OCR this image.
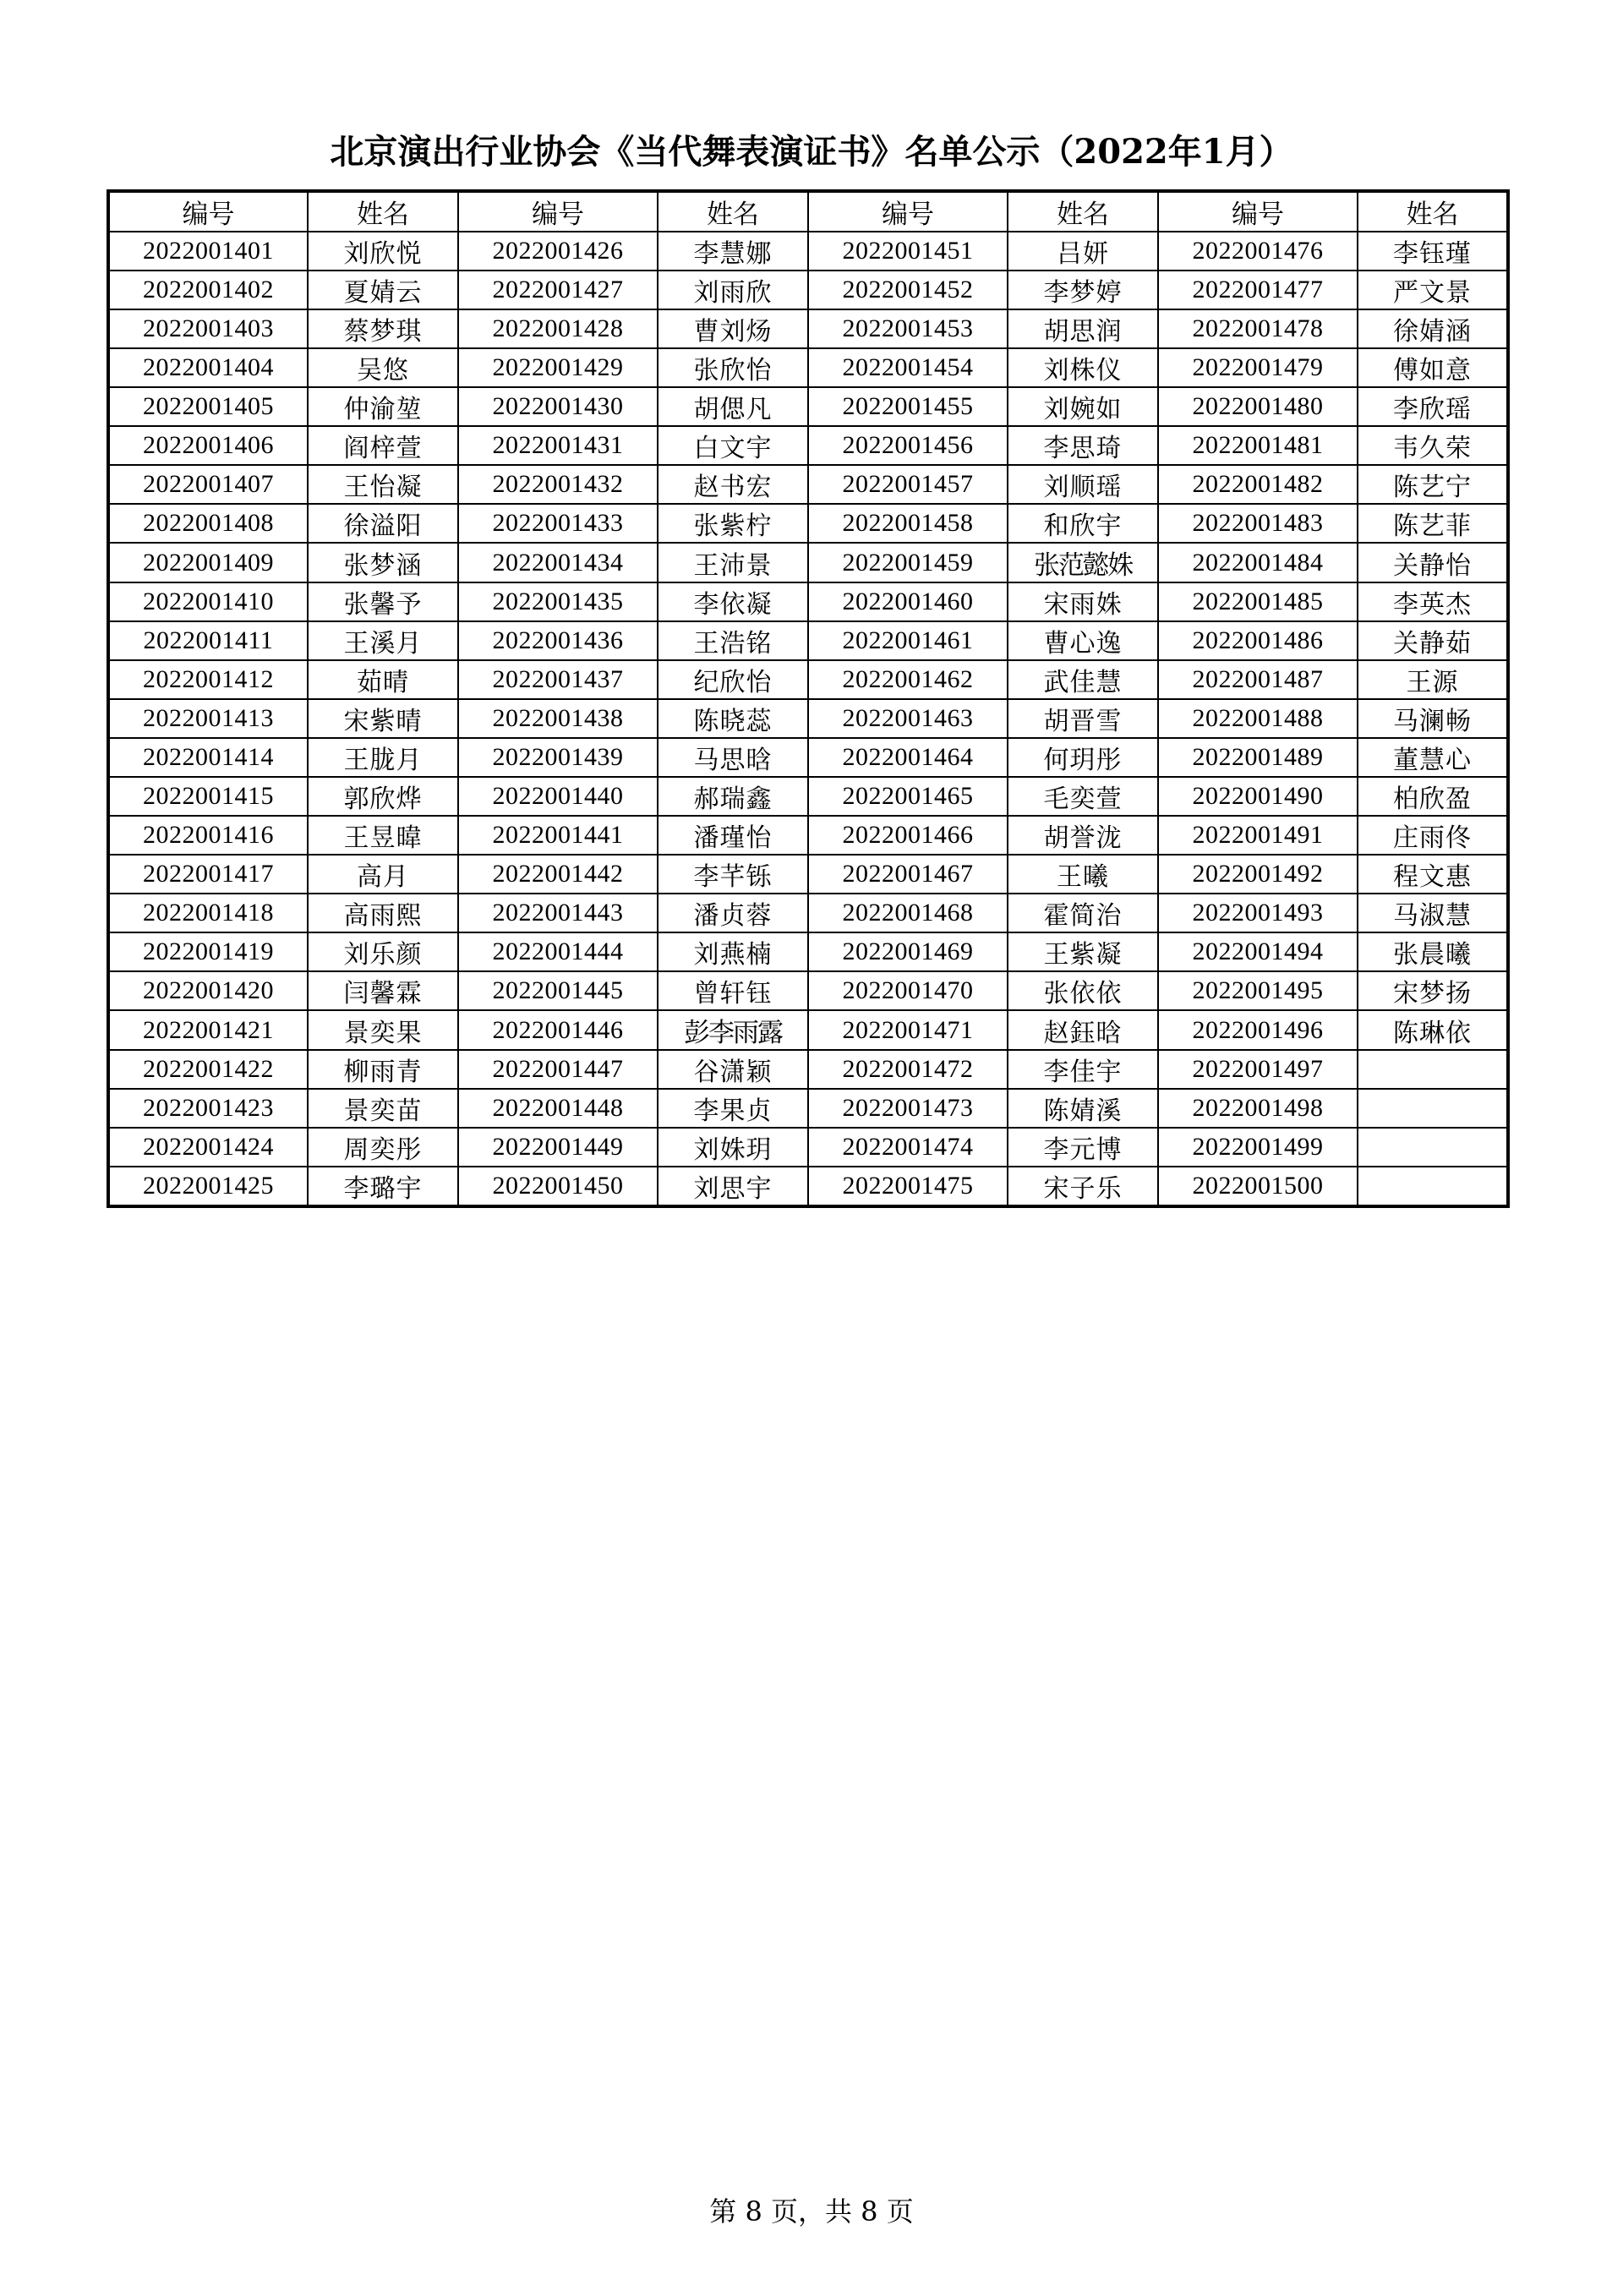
北京演出行业协会《当代舞表演证书》名单公示（2022年1月）
编号	姓名	编号	姓名	编号	姓名	编号	姓名
2022001401	刘欣悦	2022001426	李慧娜	2022001451	吕妍	2022001476	李钰瑾
2022001402	夏婧云	2022001427	刘雨欣	2022001452	李梦婷	2022001477	严文景
2022001403	蔡梦琪	2022001428	曹刘炀	2022001453	胡思润	2022001478	徐婧涵
2022001404	吴悠	2022001429	张欣怡	2022001454	刘株仪	2022001479	傅如意
2022001405	仲渝堃	2022001430	胡偲凡	2022001455	刘婉如	2022001480	李欣瑶
2022001406	阎梓萱	2022001431	白文宇	2022001456	李思琦	2022001481	韦久荣
2022001407	王怡凝	2022001432	赵书宏	2022001457	刘顺瑶	2022001482	陈艺宁
2022001408	徐溢阳	2022001433	张紫柠	2022001458	和欣宇	2022001483	陈艺菲
2022001409	张梦涵	2022001434	王沛景	2022001459	张范懿姝	2022001484	关静怡
2022001410	张馨予	2022001435	李依凝	2022001460	宋雨姝	2022001485	李英杰
2022001411	王溪月	2022001436	王浩铭	2022001461	曹心逸	2022001486	关静茹
2022001412	茹晴	2022001437	纪欣怡	2022001462	武佳慧	2022001487	王源
2022001413	宋紫晴	2022001438	陈晓蕊	2022001463	胡晋雪	2022001488	马澜畅
2022001414	王胧月	2022001439	马思晗	2022001464	何玥彤	2022001489	董慧心
2022001415	郭欣烨	2022001440	郝瑞鑫	2022001465	毛奕萱	2022001490	柏欣盈
2022001416	王昱暐	2022001441	潘瑾怡	2022001466	胡誉泷	2022001491	庄雨佟
2022001417	高月	2022001442	李芊铄	2022001467	王曦	2022001492	程文惠
2022001418	高雨熙	2022001443	潘贞蓉	2022001468	霍简治	2022001493	马淑慧
2022001419	刘乐颜	2022001444	刘燕楠	2022001469	王紫凝	2022001494	张晨曦
2022001420	闫馨霖	2022001445	曾轩钰	2022001470	张依依	2022001495	宋梦扬
2022001421	景奕果	2022001446	彭李雨露	2022001471	赵鈺晗	2022001496	陈琳依
2022001422	柳雨青	2022001447	谷潇颖	2022001472	李佳宇	2022001497	
2022001423	景奕苗	2022001448	李果贞	2022001473	陈婧溪	2022001498	
2022001424	周奕彤	2022001449	刘姝玥	2022001474	李元博	2022001499	
2022001425	李璐宇	2022001450	刘思宇	2022001475	宋子乐	2022001500	
第 8 页，共 8 页
